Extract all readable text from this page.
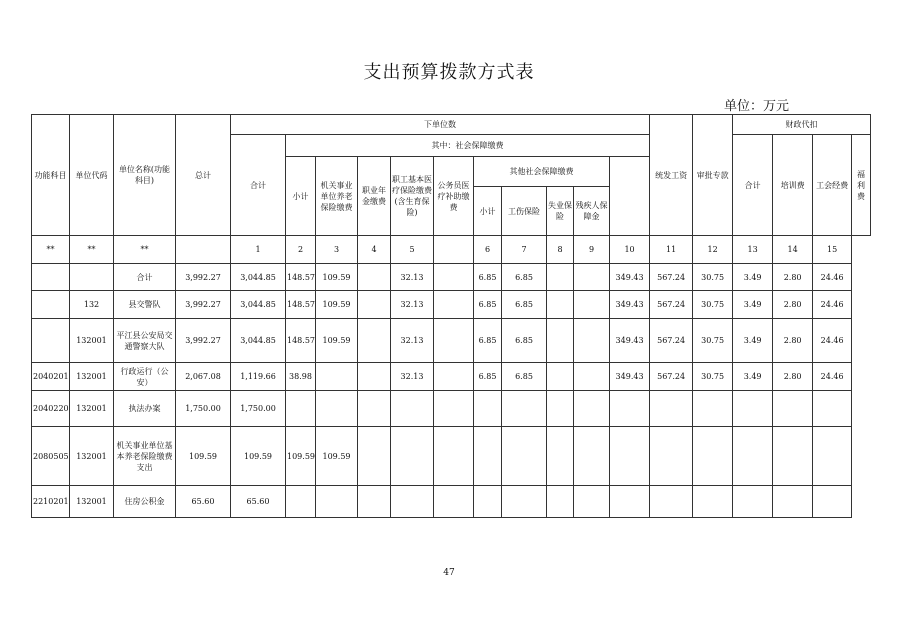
支出预算拨款方式表
单位：万元
功能科目	单位代码	单位名称(功能科目)	总计	下单位数											统发工资	审批专款	财政代扣			
				合计	其中：社会保障缴费												合计	培训费	工会经费	福利费
					小计	机关事业单位养老保险缴费	职业年金缴费	职工基本医疗保险缴费(含生育保险)	公务员医疗补助缴费	其他社会保障缴费										
										小计	工伤保险	失业保险	残疾人保障金							
**	**	**		1	2	3	4	5		6	7	8	9	10	11	12	13	14	15	
		合计	3,992.27	3,044.85	148.57	109.59		32.13		6.85	6.85			349.43	567.24	30.75	3.49	2.80	24.46	
	132	县交警队	3,992.27	3,044.85	148.57	109.59		32.13		6.85	6.85			349.43	567.24	30.75	3.49	2.80	24.46	
	132001	平江县公安局交通警察大队	3,992.27	3,044.85	148.57	109.59		32.13		6.85	6.85			349.43	567.24	30.75	3.49	2.80	24.46	
2040201	132001	行政运行（公安）	2,067.08	1,119.66	38.98			32.13		6.85	6.85			349.43	567.24	30.75	3.49	2.80	24.46	
2040220	132001	执法办案	1,750.00	1,750.00																
2080505	132001	机关事业单位基本养老保险缴费支出	109.59	109.59	109.59	109.59														
2210201	132001	住房公积金	65.60	65.60																
47
